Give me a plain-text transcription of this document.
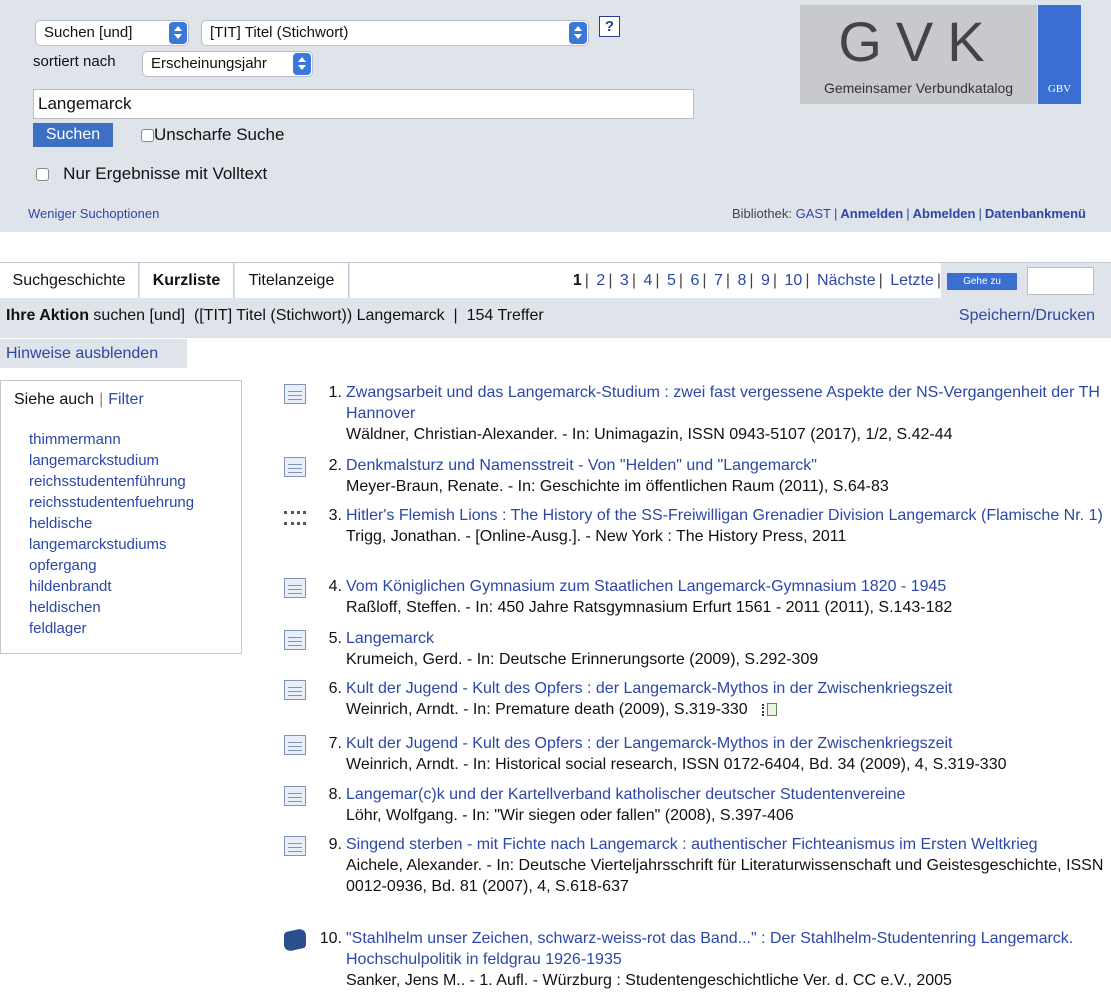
Suchen [und]	[TIT] Titel (Stichwort)	?
sortiert nach	Erscheinungsjahr
Langemarck
Suchen	Unscharfe Suche
Nur Ergebnisse mit Volltext
Weniger Suchoptionen	Bibliothek: GAST | Anmelden | Abmelden | Datenbankmenü
GVK
Gemeinsamer Verbundkatalog	GBV
Suchgeschichte	Kurzliste	Titelanzeige	1 | 2 | 3 | 4 | 5 | 6 | 7 | 8 | 9 | 10 | Nächste | Letzte |	Gehe zu
Ihre Aktion suchen [und]  ([TIT] Titel (Stichwort)) Langemarck  |  154 Treffer	Speichern/Drucken
Hinweise ausblenden
Siehe auch | Filter
thimmermann
langemarckstudium
reichsstudentenführung
reichsstudentenfuehrung
heldische
langemarckstudiums
opfergang
hildenbrandt
heldischen
feldlager
1. Zwangsarbeit und das Langemarck-Studium : zwei fast vergessene Aspekte der NS-Vergangenheit der TH Hannover
Wäldner, Christian-Alexander. - In: Unimagazin, ISSN 0943-5107 (2017), 1/2, S.42-44
2. Denkmalsturz und Namensstreit - Von "Helden" und "Langemarck"
Meyer-Braun, Renate. - In: Geschichte im öffentlichen Raum (2011), S.64-83
3. Hitler's Flemish Lions : The History of the SS-Freiwilligan Grenadier Division Langemarck (Flamische Nr. 1)
Trigg, Jonathan. - [Online-Ausg.]. - New York : The History Press, 2011
4. Vom Königlichen Gymnasium zum Staatlichen Langemarck-Gymnasium 1820 - 1945
Raßloff, Steffen. - In: 450 Jahre Ratsgymnasium Erfurt 1561 - 2011 (2011), S.143-182
5. Langemarck
Krumeich, Gerd. - In: Deutsche Erinnerungsorte (2009), S.292-309
6. Kult der Jugend - Kult des Opfers : der Langemarck-Mythos in der Zwischenkriegszeit
Weinrich, Arndt. - In: Premature death (2009), S.319-330
7. Kult der Jugend - Kult des Opfers : der Langemarck-Mythos in der Zwischenkriegszeit
Weinrich, Arndt. - In: Historical social research, ISSN 0172-6404, Bd. 34 (2009), 4, S.319-330
8. Langemar(c)k und der Kartellverband katholischer deutscher Studentenvereine
Löhr, Wolfgang. - In: "Wir siegen oder fallen" (2008), S.397-406
9. Singend sterben - mit Fichte nach Langemarck : authentischer Fichteanismus im Ersten Weltkrieg
Aichele, Alexander. - In: Deutsche Vierteljahrsschrift für Literaturwissenschaft und Geistesgeschichte, ISSN 0012-0936, Bd. 81 (2007), 4, S.618-637
10. "Stahlhelm unser Zeichen, schwarz-weiss-rot das Band..." : Der Stahlhelm-Studentenring Langemarck. Hochschulpolitik in feldgrau 1926-1935
Sanker, Jens M.. - 1. Aufl. - Würzburg : Studentengeschichtliche Ver. d. CC e.V., 2005
